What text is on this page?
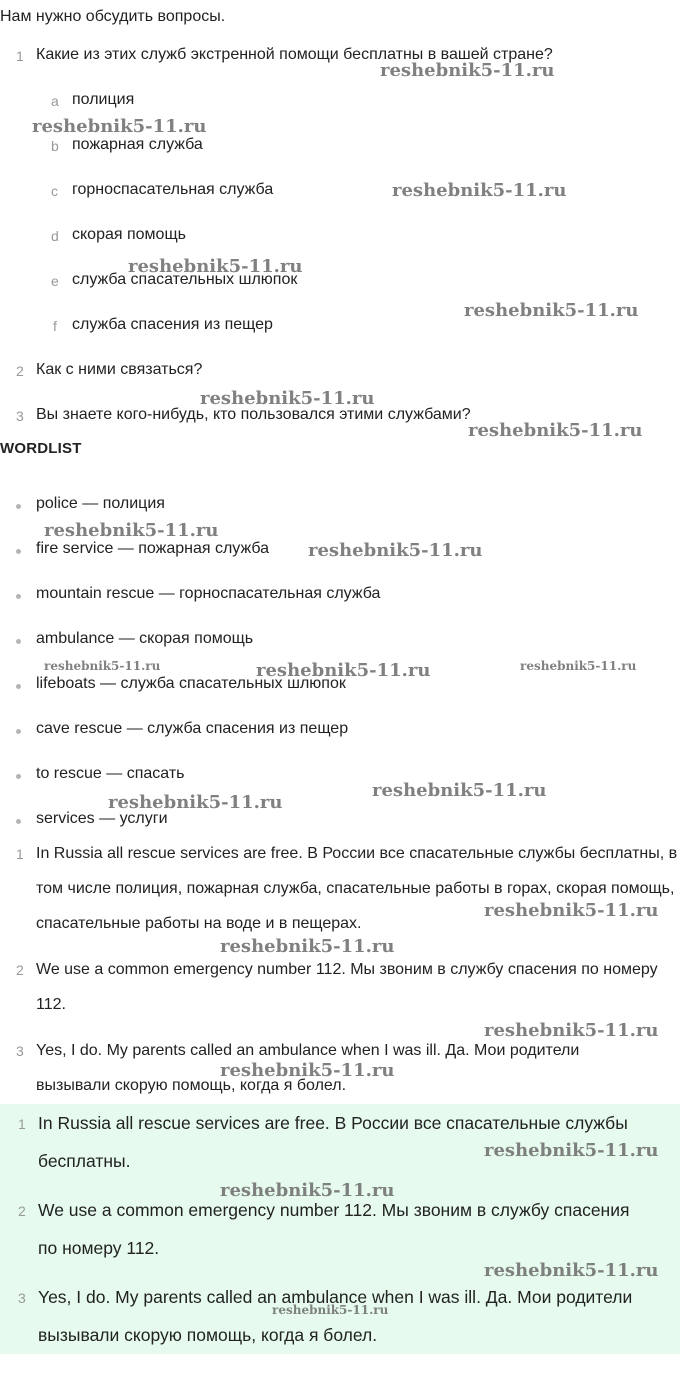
Нам нужно обсудить вопросы.
1 Какие из этих служб экстренной помощи бесплатны в вашей стране?
a полиция
b пожарная служба
c горноспасательная служба
d скорая помощь
e служба спасательных шлюпок
f служба спасения из пещер
2 Как с ними связаться?
3 Вы знаете кого-нибудь, кто пользовался этими службами?
WORDLIST
police — полиция
fire service — пожарная служба
mountain rescue — горноспасательная служба
ambulance — скорая помощь
lifeboats — служба спасательных шлюпок
cave rescue — служба спасения из пещер
to rescue — спасать
services — услуги
1 In Russia all rescue services are free. В России все спасательные службы бесплатны, в том числе полиция, пожарная служба, спасательные работы в горах, скорая помощь, спасательные работы на воде и в пещерах.
2 We use a common emergency number 112. Мы звоним в службу спасения по номеру 112.
3 Yes, I do. My parents called an ambulance when I was ill. Да. Мои родители вызывали скорую помощь, когда я болел.
1 In Russia all rescue services are free. В России все спасательные службы бесплатны.
2 We use a common emergency number 112. Мы звоним в службу спасения по номеру 112.
3 Yes, I do. My parents called an ambulance when I was ill. Да. Мои родители вызывали скорую помощь, когда я болел.
reshebnik5-11.ru
reshebnik5-11.ru
reshebnik5-11.ru
reshebnik5-11.ru
reshebnik5-11.ru
reshebnik5-11.ru
reshebnik5-11.ru
reshebnik5-11.ru
reshebnik5-11.ru
reshebnik5-11.ru	reshebnik5-11.ru	reshebnik5-11.ru
reshebnik5-11.ru
reshebnik5-11.ru
reshebnik5-11.ru
reshebnik5-11.ru
reshebnik5-11.ru
reshebnik5-11.ru
reshebnik5-11.ru
reshebnik5-11.ru
reshebnik5-11.ru
reshebnik5-11.ru
